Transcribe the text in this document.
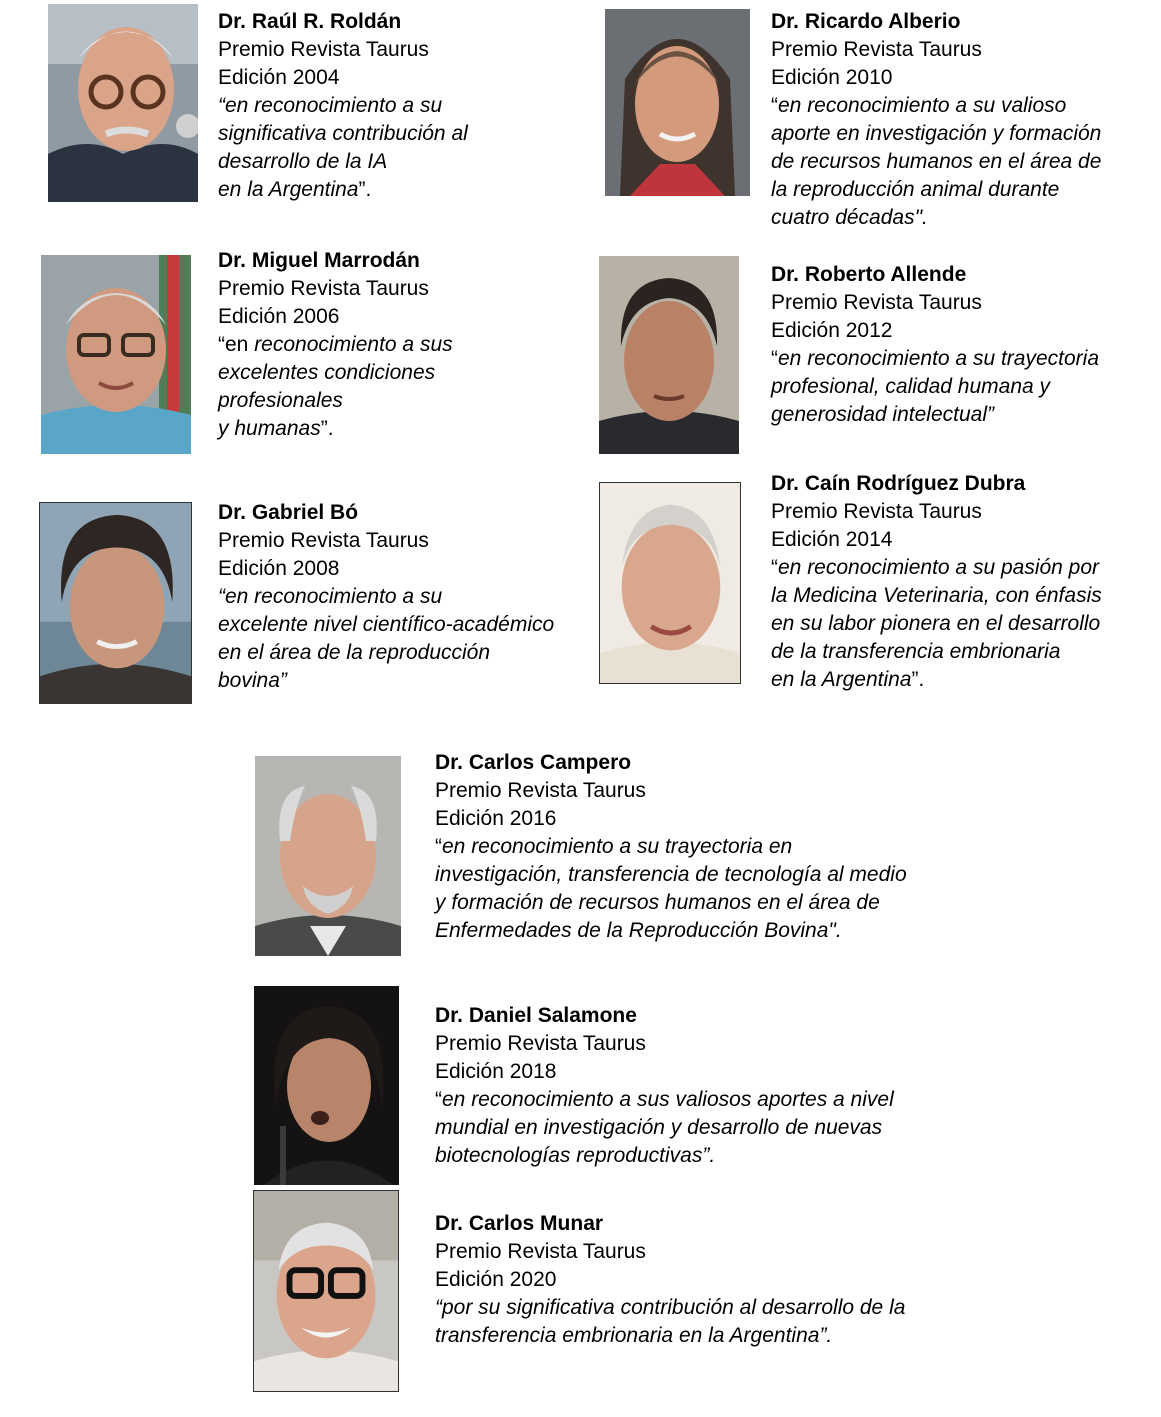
Dr. Raúl R. Roldán
Premio Revista Taurus
Edición 2004
“en reconocimiento a su
significativa contribución al
desarrollo de la IA
en la Argentina”.
Dr. Ricardo Alberio
Premio Revista Taurus
Edición 2010
“en reconocimiento a su valioso
aporte en investigación y formación
de recursos humanos en el área de
la reproducción animal durante
cuatro décadas".
Dr. Miguel Marrodán
Premio Revista Taurus
Edición 2006
“en reconocimiento a sus
excelentes condiciones
profesionales
y humanas”.
Dr. Roberto Allende
Premio Revista Taurus
Edición 2012
“en reconocimiento a su trayectoria
profesional, calidad humana y
generosidad intelectual”
Dr. Gabriel Bó
Premio Revista Taurus
Edición 2008
“en reconocimiento a su
excelente nivel científico-académico
en el área de la reproducción
bovina”
Dr. Caín Rodríguez Dubra
Premio Revista Taurus
Edición 2014
“en reconocimiento a su pasión por
la Medicina Veterinaria, con énfasis
en su labor pionera en el desarrollo
de la transferencia embrionaria
en la Argentina”.
Dr. Carlos Campero
Premio Revista Taurus
Edición 2016
“en reconocimiento a su trayectoria en
investigación, transferencia de tecnología al medio
y formación de recursos humanos en el área de
Enfermedades de la Reproducción Bovina".
Dr. Daniel Salamone
Premio Revista Taurus
Edición 2018
“en reconocimiento a sus valiosos aportes a nivel
mundial en investigación y desarrollo de nuevas
biotecnologías reproductivas”.
Dr. Carlos Munar
Premio Revista Taurus
Edición 2020
“por su significativa contribución al desarrollo de la
transferencia embrionaria en la Argentina”.
